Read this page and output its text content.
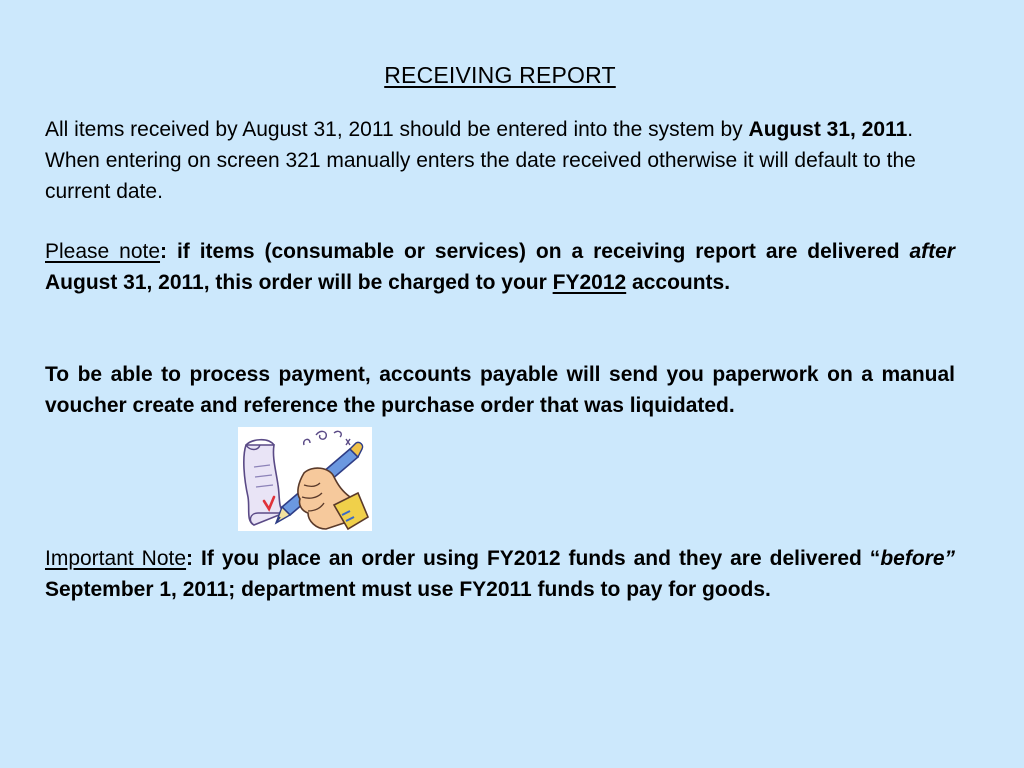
RECEIVING REPORT

All items received by August 31, 2011 should be entered into the system by August 31, 2011. When entering on screen 321 manually enters the date received otherwise it will default to the current date.

Please note: if items (consumable or services) on a receiving report are delivered after August 31, 2011, this order will be charged to your FY2012 accounts.

To be able to process payment, accounts payable will send you paperwork on a manual voucher create and reference the purchase order that was liquidated.

Important Note: If you place an order using FY2012 funds and they are delivered “before” September 1, 2011; department must use FY2011 funds to pay for goods.
